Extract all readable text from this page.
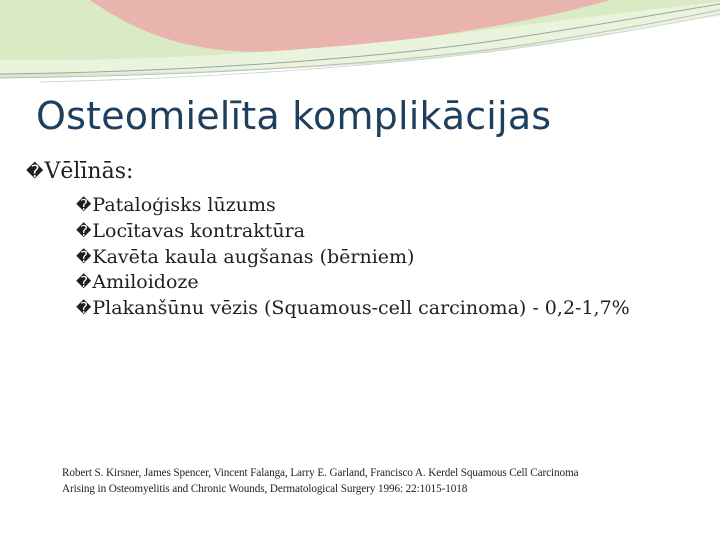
Osteomielīta komplikācijas
�Vēlīnās:
�Pataloģisks lūzums
�Locītavas kontraktūra
�Kavēta kaula augšanas (bērniem)
�Amiloidoze
�Plakanšūnu vēzis (Squamous-cell carcinoma) - 0,2-1,7%
Robert S. Kirsner, James Spencer, Vincent Falanga, Larry E. Garland, Francisco A. Kerdel Squamous Cell Carcinoma
Arising in Osteomyelitis and Chronic Wounds, Dermatological Surgery 1996: 22:1015-1018
